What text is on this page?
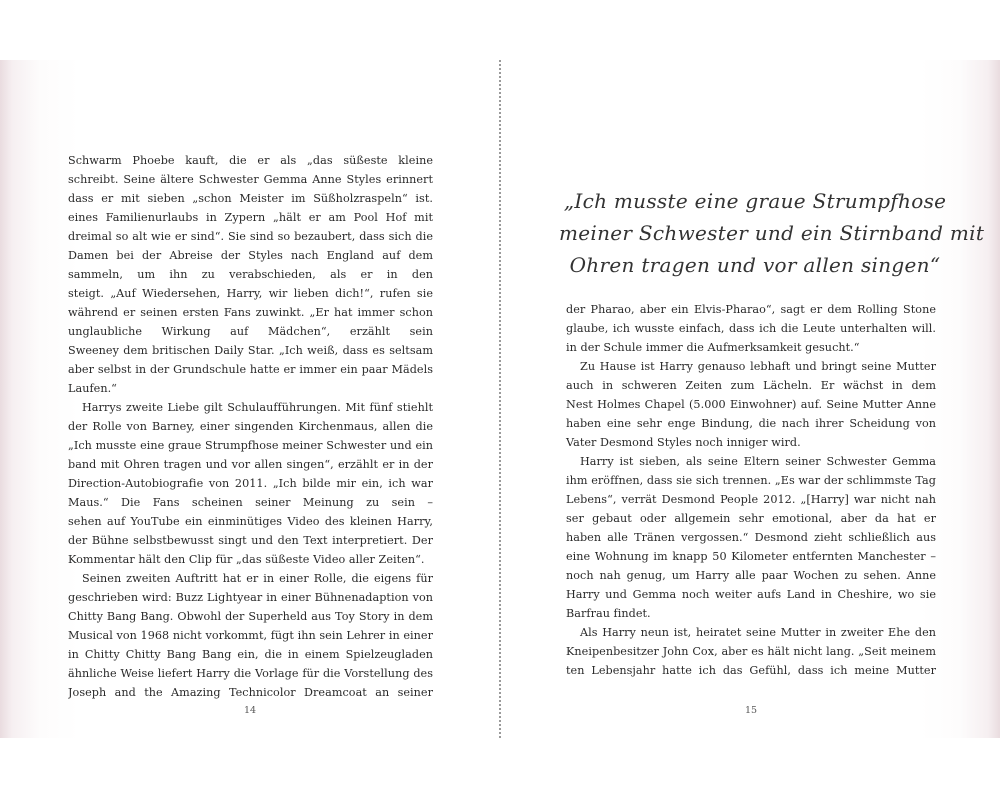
Schwarm Phoebe kauft, die er als „das süßeste kleine
schreibt. Seine ältere Schwester Gemma Anne Styles erinnert
dass er mit sieben „schon Meister im Süßholzraspeln“ ist.
eines Familienurlaubs in Zypern „hält er am Pool Hof mit
dreimal so alt wie er sind“. Sie sind so bezaubert, dass sich die
Damen bei der Abreise der Styles nach England auf dem
sammeln, um ihn zu verabschieden, als er in den
steigt. „Auf Wiedersehen, Harry, wir lieben dich!“, rufen sie
während er seinen ersten Fans zuwinkt. „Er hat immer schon
unglaubliche Wirkung auf Mädchen“, erzählt sein
Sweeney dem britischen Daily Star. „Ich weiß, dass es seltsam
aber selbst in der Grundschule hatte er immer ein paar Mädels
Laufen.“
Harrys zweite Liebe gilt Schulaufführungen. Mit fünf stiehlt
der Rolle von Barney, einer singenden Kirchenmaus, allen die
„Ich musste eine graue Strumpfhose meiner Schwester und ein
band mit Ohren tragen und vor allen singen“, erzählt er in der
Direction-Autobiografie von 2011. „Ich bilde mir ein, ich war
Maus.“ Die Fans scheinen seiner Meinung zu sein –
sehen auf YouTube ein einminütiges Video des kleinen Harry,
der Bühne selbstbewusst singt und den Text interpretiert. Der
Kommentar hält den Clip für „das süßeste Video aller Zeiten“.
Seinen zweiten Auftritt hat er in einer Rolle, die eigens für
geschrieben wird: Buzz Lightyear in einer Bühnenadaption von
Chitty Bang Bang. Obwohl der Superheld aus Toy Story in dem
Musical von 1968 nicht vorkommt, fügt ihn sein Lehrer in einer
in Chitty Chitty Bang Bang ein, die in einem Spielzeugladen
ähnliche Weise liefert Harry die Vorlage für die Vorstellung des
Joseph and the Amazing Technicolor Dreamcoat an seiner
14
„Ich musste eine graue Strumpfhose
meiner Schwester und ein Stirnband mit
Ohren tragen und vor allen singen“
der Pharao, aber ein Elvis-Pharao“, sagt er dem Rolling Stone
glaube, ich wusste einfach, dass ich die Leute unterhalten will.
in der Schule immer die Aufmerksamkeit gesucht.“
Zu Hause ist Harry genauso lebhaft und bringt seine Mutter
auch in schweren Zeiten zum Lächeln. Er wächst in dem
Nest Holmes Chapel (5.000 Einwohner) auf. Seine Mutter Anne
haben eine sehr enge Bindung, die nach ihrer Scheidung von
Vater Desmond Styles noch inniger wird.
Harry ist sieben, als seine Eltern seiner Schwester Gemma
ihm eröffnen, dass sie sich trennen. „Es war der schlimmste Tag
Lebens“, verrät Desmond People 2012. „[Harry] war nicht nah
ser gebaut oder allgemein sehr emotional, aber da hat er
haben alle Tränen vergossen.“ Desmond zieht schließlich aus
eine Wohnung im knapp 50 Kilometer entfernten Manchester –
noch nah genug, um Harry alle paar Wochen zu sehen. Anne
Harry und Gemma noch weiter aufs Land in Cheshire, wo sie
Barfrau findet.
Als Harry neun ist, heiratet seine Mutter in zweiter Ehe den
Kneipenbesitzer John Cox, aber es hält nicht lang. „Seit meinem
ten Lebensjahr hatte ich das Gefühl, dass ich meine Mutter
15
